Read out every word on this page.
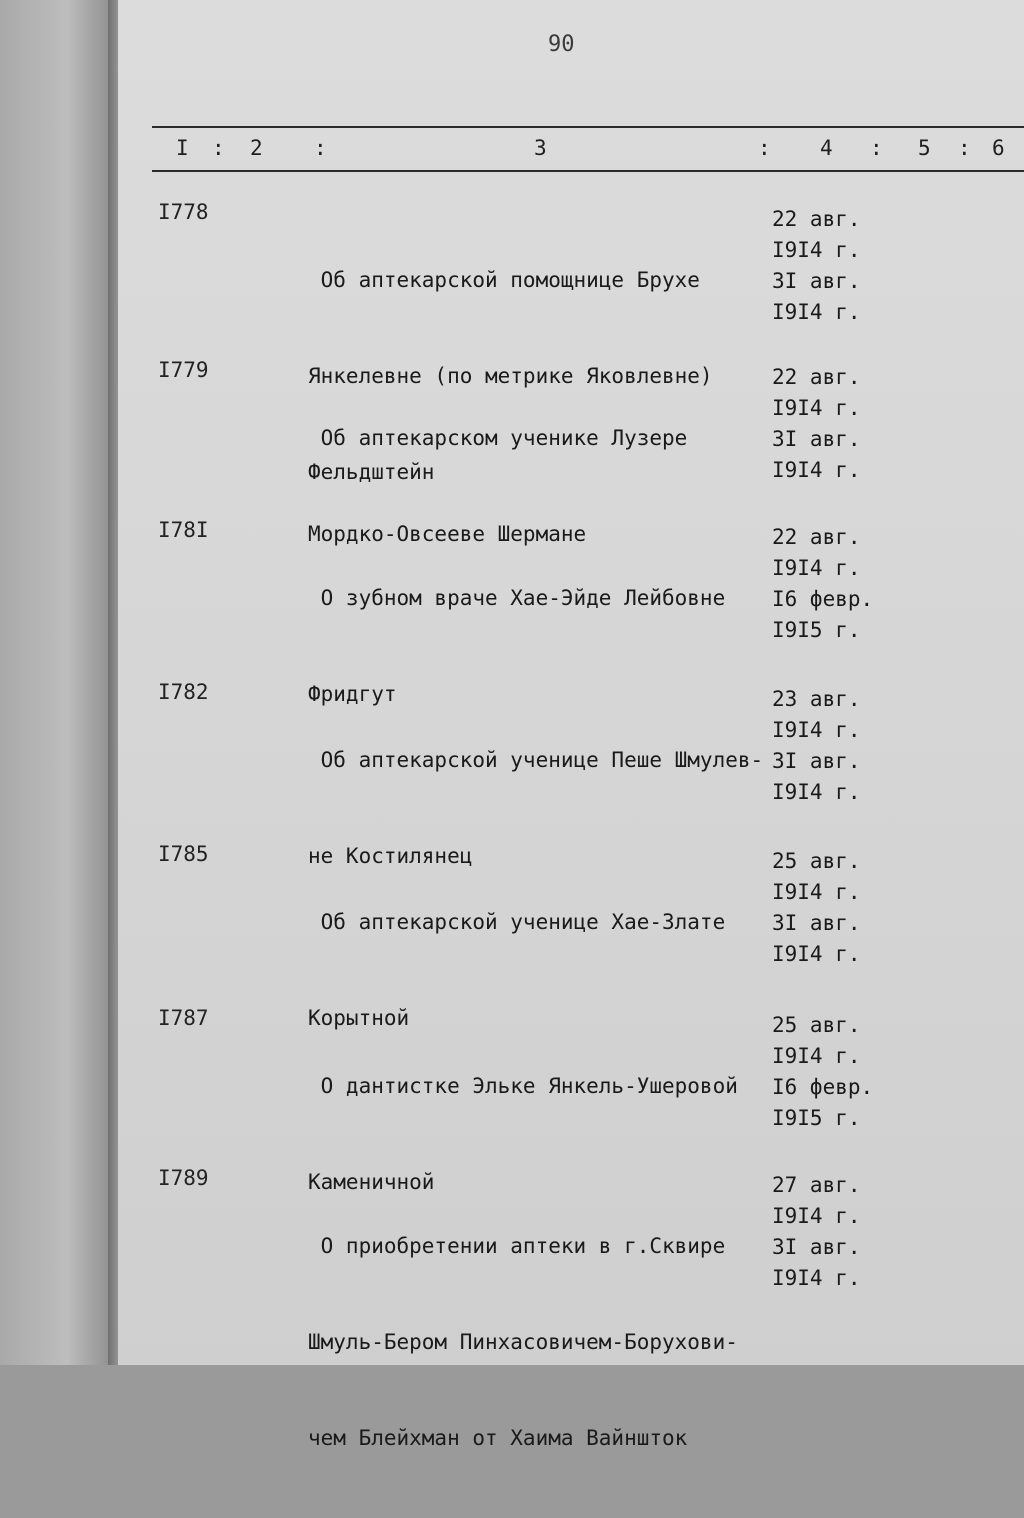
90
I : 2 :	3	: 4 : 5 : 6
I778

Об аптекарской помощнице Брухе

Янкелевне (по метрике Яковлевне)

Фельдштейн

22 авг.
I9I4 г.
3I авг.
I9I4 г.
I779

Об аптекарском ученике Лузере

Мордко-Овсееве Шермане

22 авг.
I9I4 г.
3I авг.
I9I4 г.
I78I

О зубном враче Хае-Эйде Лейбовне

Фридгут

22 авг.
I9I4 г.
I6 февр.
I9I5 г.
I782

Об аптекарской ученице Пеше Шмулев-

не Костилянец

23 авг.
I9I4 г.
3I авг.
I9I4 г.
I785

Об аптекарской ученице Хае-Злате

Корытной

25 авг.
I9I4 г.
3I авг.
I9I4 г.
I787

О дантистке Эльке Янкель-Ушеровой

Каменичной

25 авг.
I9I4 г.
I6 февр.
I9I5 г.
I789

О приобретении аптеки в г.Сквире

Шмуль-Бером Пинхасовичем-Борухови-

чем Блейхман от Хаима Вайншток

27 авг.
I9I4 г.
3I авг.
I9I4 г.
